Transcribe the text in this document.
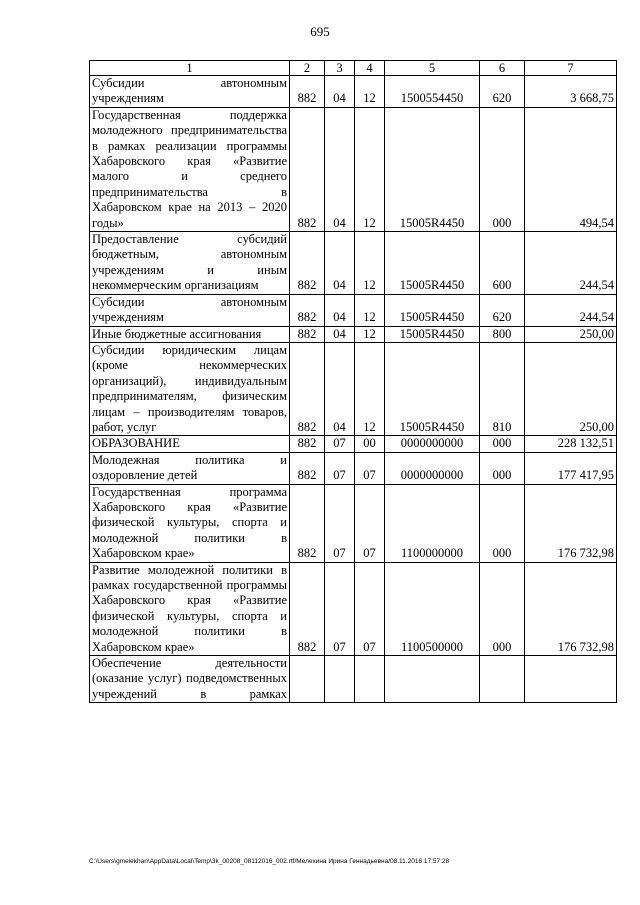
695
1	2	3	4	5	6	7
Субсидии автономным учреждениям	882	04	12	1500554450	620	3 668,75
Государственная поддержка молодежного предпринимательства в рамках реализации программы Хабаровского края «Развитие малого и среднего предпринимательства в Хабаровском крае на 2013 – 2020 годы»	882	04	12	15005R4450	000	494,54
Предоставление субсидий бюджетным, автономным учреждениям и иным некоммерческим организациям	882	04	12	15005R4450	600	244,54
Субсидии автономным учреждениям	882	04	12	15005R4450	620	244,54
Иные бюджетные ассигнования	882	04	12	15005R4450	800	250,00
Субсидии юридическим лицам (кроме некоммерческих организаций), индивидуальным предпринимателям, физическим лицам – производителям товаров, работ, услуг	882	04	12	15005R4450	810	250,00
ОБРАЗОВАНИЕ	882	07	00	0000000000	000	228 132,51
Молодежная политика и оздоровление детей	882	07	07	0000000000	000	177 417,95
Государственная программа Хабаровского края «Развитие физической культуры, спорта и молодежной политики в Хабаровском крае»	882	07	07	1100000000	000	176 732,98
Развитие молодежной политики в рамках государственной программы Хабаровского края «Развитие физической культуры, спорта и молодежной политики в Хабаровском крае»	882	07	07	1100500000	000	176 732,98
Обеспечение деятельности (оказание услуг) подведомственных учреждений в рамках						
C:\Users\gmelekhan\AppData\Local\Temp\3k_00208_08112016_002.rtf/Мелехина Ирина Геннадьевна/08.11.2016 17:57:28
